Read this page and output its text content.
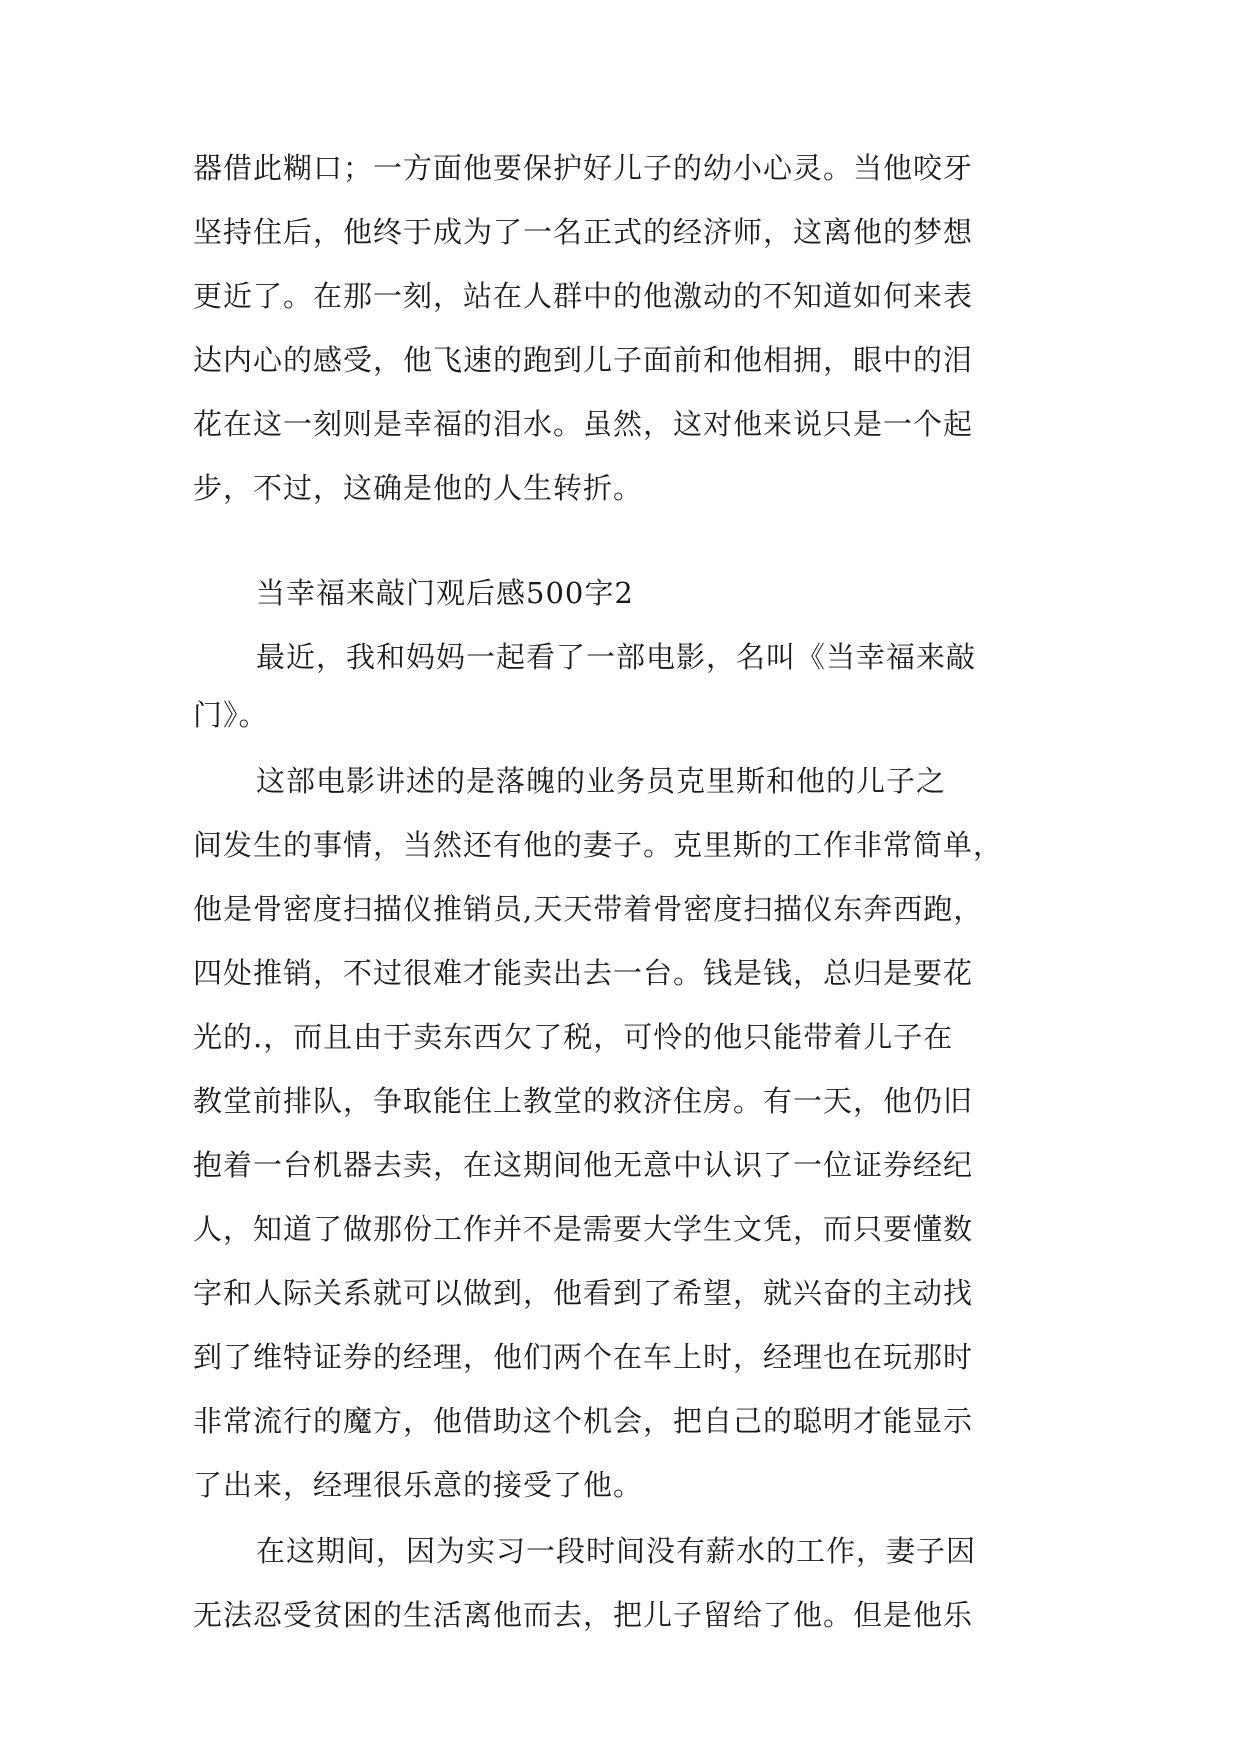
器借此糊口；一方面他要保护好儿子的幼小心灵。当他咬牙
坚持住后，他终于成为了一名正式的经济师，这离他的梦想
更近了。在那一刻，站在人群中的他激动的不知道如何来表
达内心的感受，他飞速的跑到儿子面前和他相拥，眼中的泪
花在这一刻则是幸福的泪水。虽然，这对他来说只是一个起
步，不过，这确是他的人生转折。
当幸福来敲门观后感500字2
最近，我和妈妈一起看了一部电影，名叫《当幸福来敲
门》。
这部电影讲述的是落魄的业务员克里斯和他的儿子之
间发生的事情，当然还有他的妻子。克里斯的工作非常简单，
他是骨密度扫描仪推销员,天天带着骨密度扫描仪东奔西跑，
四处推销，不过很难才能卖出去一台。钱是钱，总归是要花
光的.，而且由于卖东西欠了税，可怜的他只能带着儿子在
教堂前排队，争取能住上教堂的救济住房。有一天，他仍旧
抱着一台机器去卖，在这期间他无意中认识了一位证券经纪
人，知道了做那份工作并不是需要大学生文凭，而只要懂数
字和人际关系就可以做到，他看到了希望，就兴奋的主动找
到了维特证券的经理，他们两个在车上时，经理也在玩那时
非常流行的魔方，他借助这个机会，把自己的聪明才能显示
了出来，经理很乐意的接受了他。
在这期间，因为实习一段时间没有薪水的工作，妻子因
无法忍受贫困的生活离他而去，把儿子留给了他。但是他乐
